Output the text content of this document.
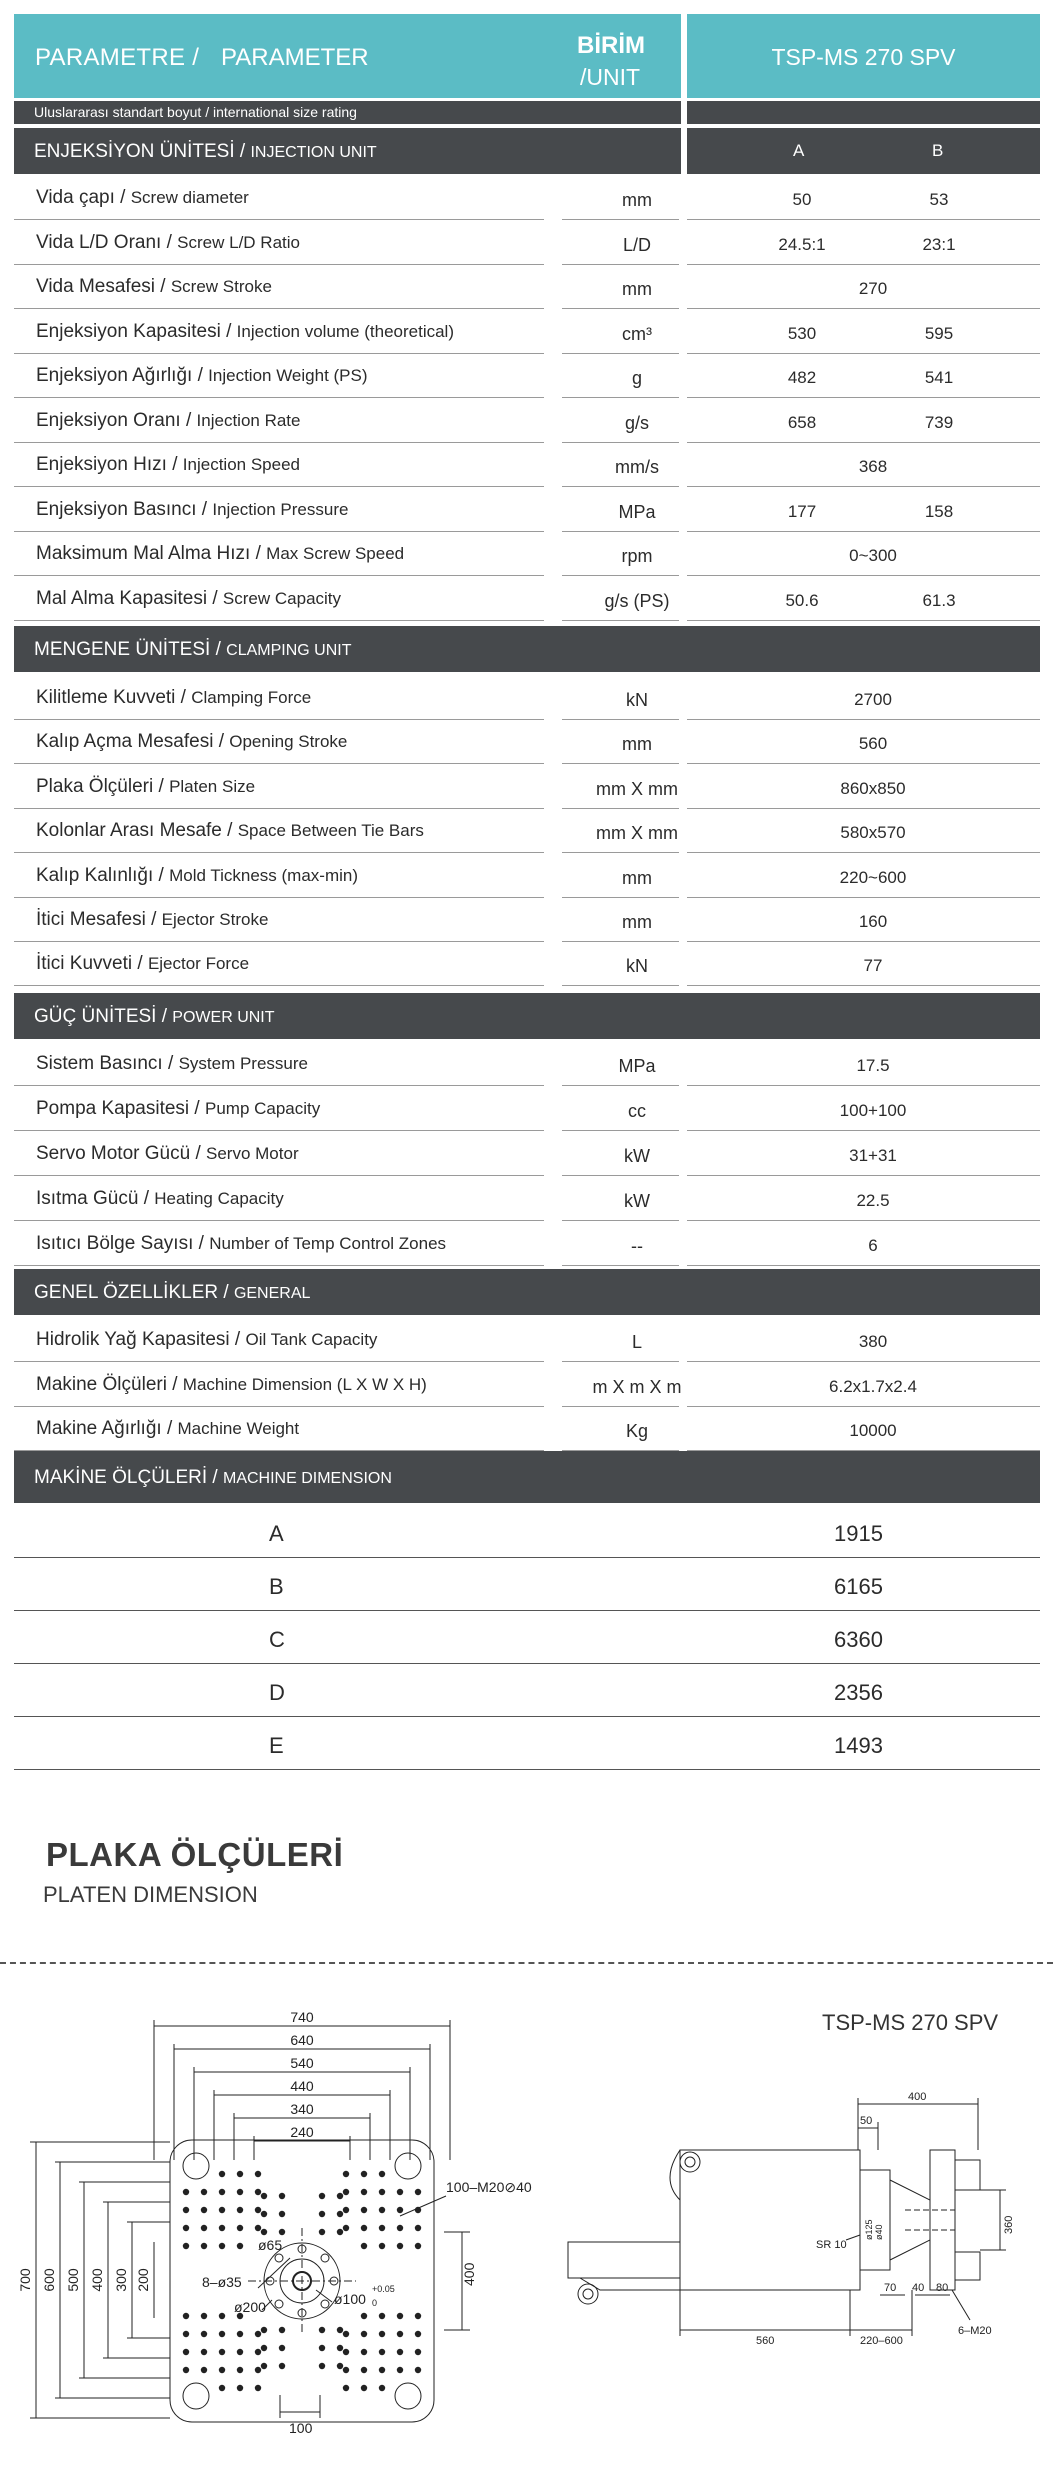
PARAMETRE / PARAMETER	BİRİM
/UNIT
TSP-MS 270 SPV
Uluslararası standart boyut / international size rating
ENJEKSİYON ÜNİTESİ / INJECTION UNIT	A	B
Vida çapı / Screw diameter	mm	50	53
Vida L/D Oranı / Screw L/D Ratio	L/D	24.5:1	23:1
Vida Mesafesi / Screw Stroke	mm	270
Enjeksiyon Kapasitesi / Injection volume (theoretical)	cm³	530	595
Enjeksiyon Ağırlığı / Injection Weight (PS)	g	482	541
Enjeksiyon Oranı / Injection Rate	g/s	658	739
Enjeksiyon Hızı / Injection Speed	mm/s	368
Enjeksiyon Basıncı / Injection Pressure	MPa	177	158
Maksimum Mal Alma Hızı / Max Screw Speed	rpm	0~300
Mal Alma Kapasitesi / Screw Capacity	g/s (PS)	50.6	61.3
MENGENE ÜNİTESİ / CLAMPING UNIT
Kilitleme Kuvveti / Clamping Force	kN	2700
Kalıp Açma Mesafesi / Opening Stroke	mm	560
Plaka Ölçüleri / Platen Size	mm X mm	860x850
Kolonlar Arası Mesafe / Space Between Tie Bars	mm X mm	580x570
Kalıp Kalınlığı / Mold Tickness (max-min)	mm	220~600
İtici Mesafesi / Ejector Stroke	mm	160
İtici Kuvveti / Ejector Force	kN	77
GÜÇ ÜNİTESİ / POWER UNIT
Sistem Basıncı / System Pressure	MPa	17.5
Pompa Kapasitesi / Pump Capacity	cc	100+100
Servo Motor Gücü / Servo Motor	kW	31+31
Isıtma Gücü / Heating Capacity	kW	22.5
Isıtıcı Bölge Sayısı / Number of Temp Control Zones	--	6
GENEL ÖZELLİKLER / GENERAL
Hidrolik Yağ Kapasitesi / Oil Tank Capacity	L	380
Makine Ölçüleri / Machine Dimension (L X W X H)	m X m X m	6.2x1.7x2.4
Makine Ağırlığı / Machine Weight	Kg	10000
MAKİNE ÖLÇÜLERİ / MACHINE DIMENSION
A	1915
B	6165
C	6360
D	2356
E	1493
PLAKA ÖLÇÜLERİ
PLATEN DIMENSION
TSP-MS 270 SPV
740
640
540
440
340
240
700 600 500 400 300 200
100–M20⊘40
ø65
8–ø35
ø200	ø100
+0.05
0
400
100
400
50
ø125 ø40
SR 10
360
70 40 80
6–M20
560	220–600
